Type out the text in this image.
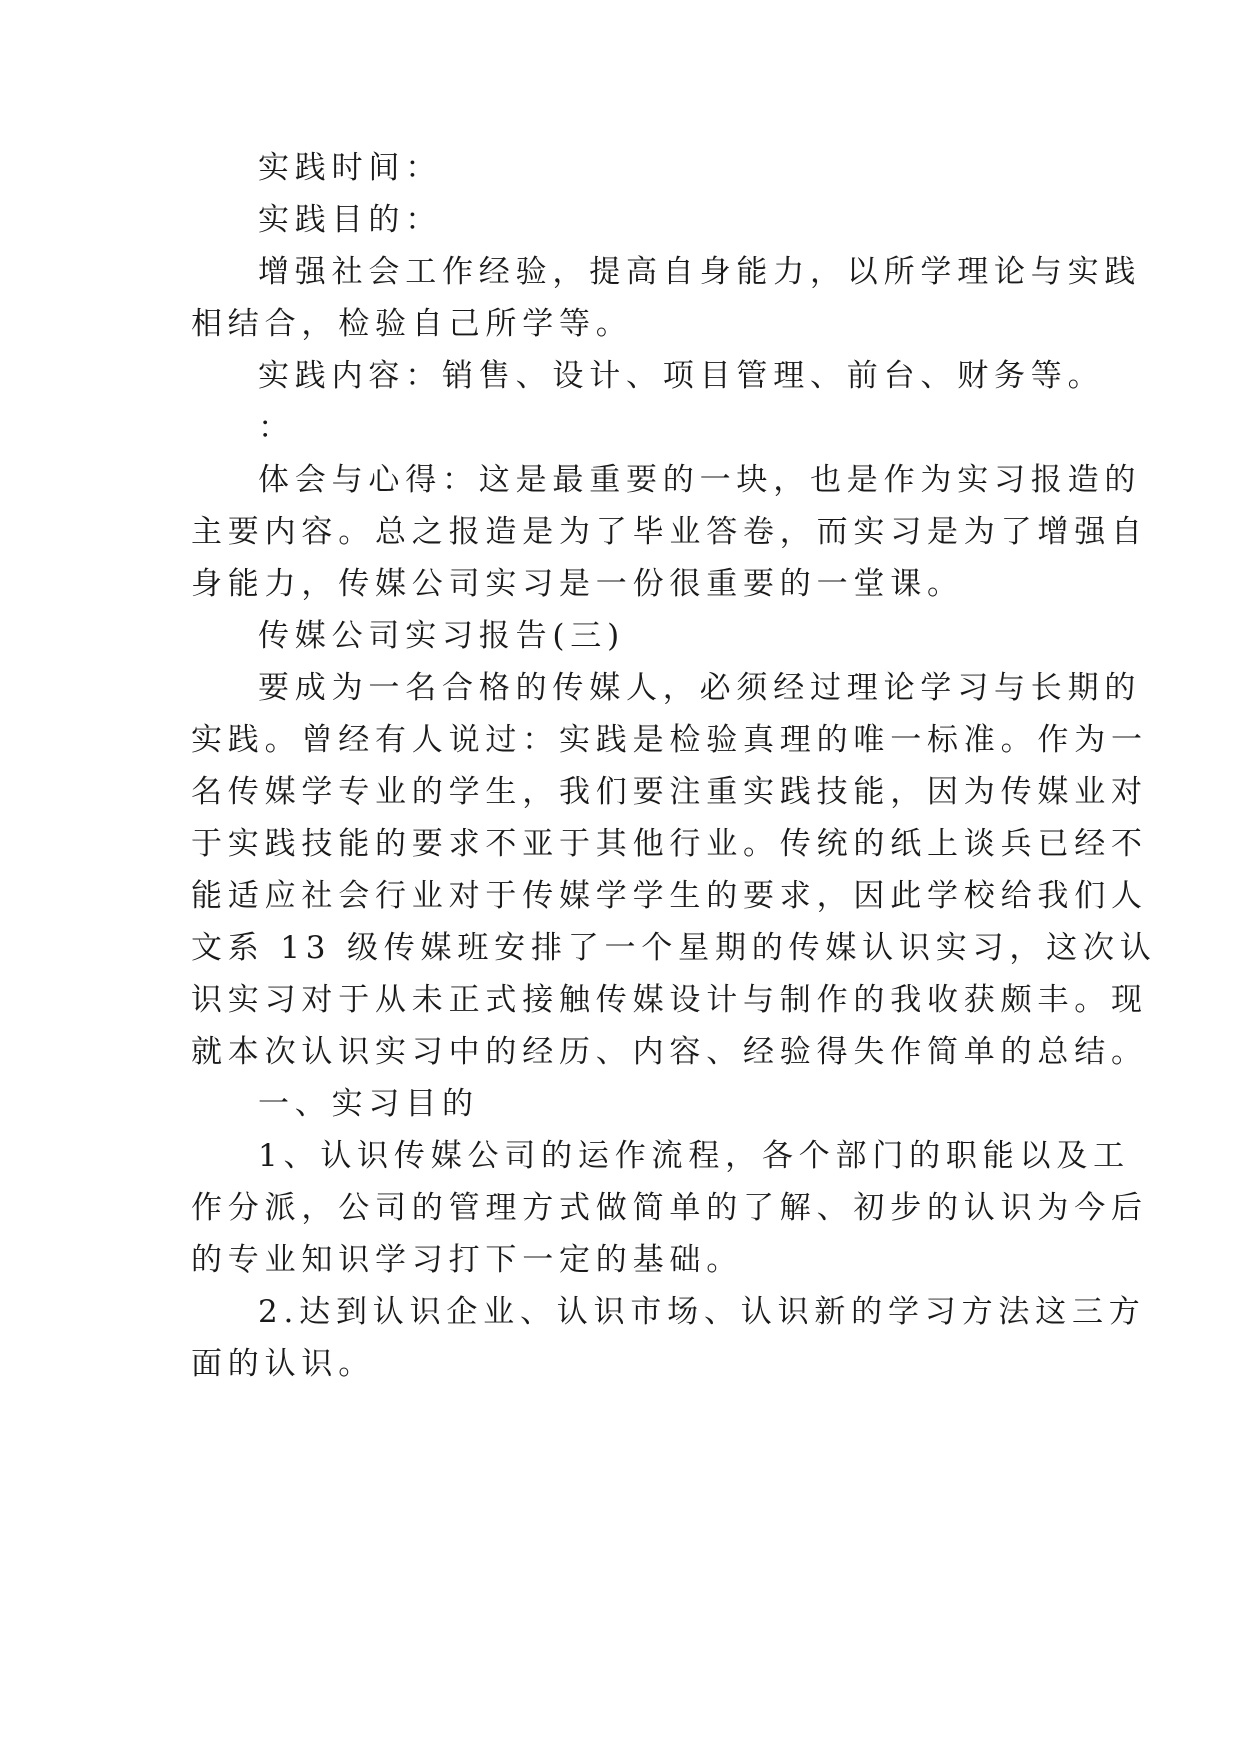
实践时间：
实践目的：
增强社会工作经验，提高自身能力，以所学理论与实践
相结合，检验自己所学等。
实践内容：销售、设计、项目管理、前台、财务等。
：
体会与心得：这是最重要的一块，也是作为实习报造的
主要内容。总之报造是为了毕业答卷，而实习是为了增强自
身能力，传媒公司实习是一份很重要的一堂课。
传媒公司实习报告(三)
要成为一名合格的传媒人，必须经过理论学习与长期的
实践。曾经有人说过：实践是检验真理的唯一标准。作为一
名传媒学专业的学生，我们要注重实践技能，因为传媒业对
于实践技能的要求不亚于其他行业。传统的纸上谈兵已经不
能适应社会行业对于传媒学学生的要求，因此学校给我们人
文系 13 级传媒班安排了一个星期的传媒认识实习，这次认
识实习对于从未正式接触传媒设计与制作的我收获颇丰。现
就本次认识实习中的经历、内容、经验得失作简单的总结。
一、实习目的
1、认识传媒公司的运作流程，各个部门的职能以及工
作分派，公司的管理方式做简单的了解、初步的认识为今后
的专业知识学习打下一定的基础。
2.达到认识企业、认识市场、认识新的学习方法这三方
面的认识。
